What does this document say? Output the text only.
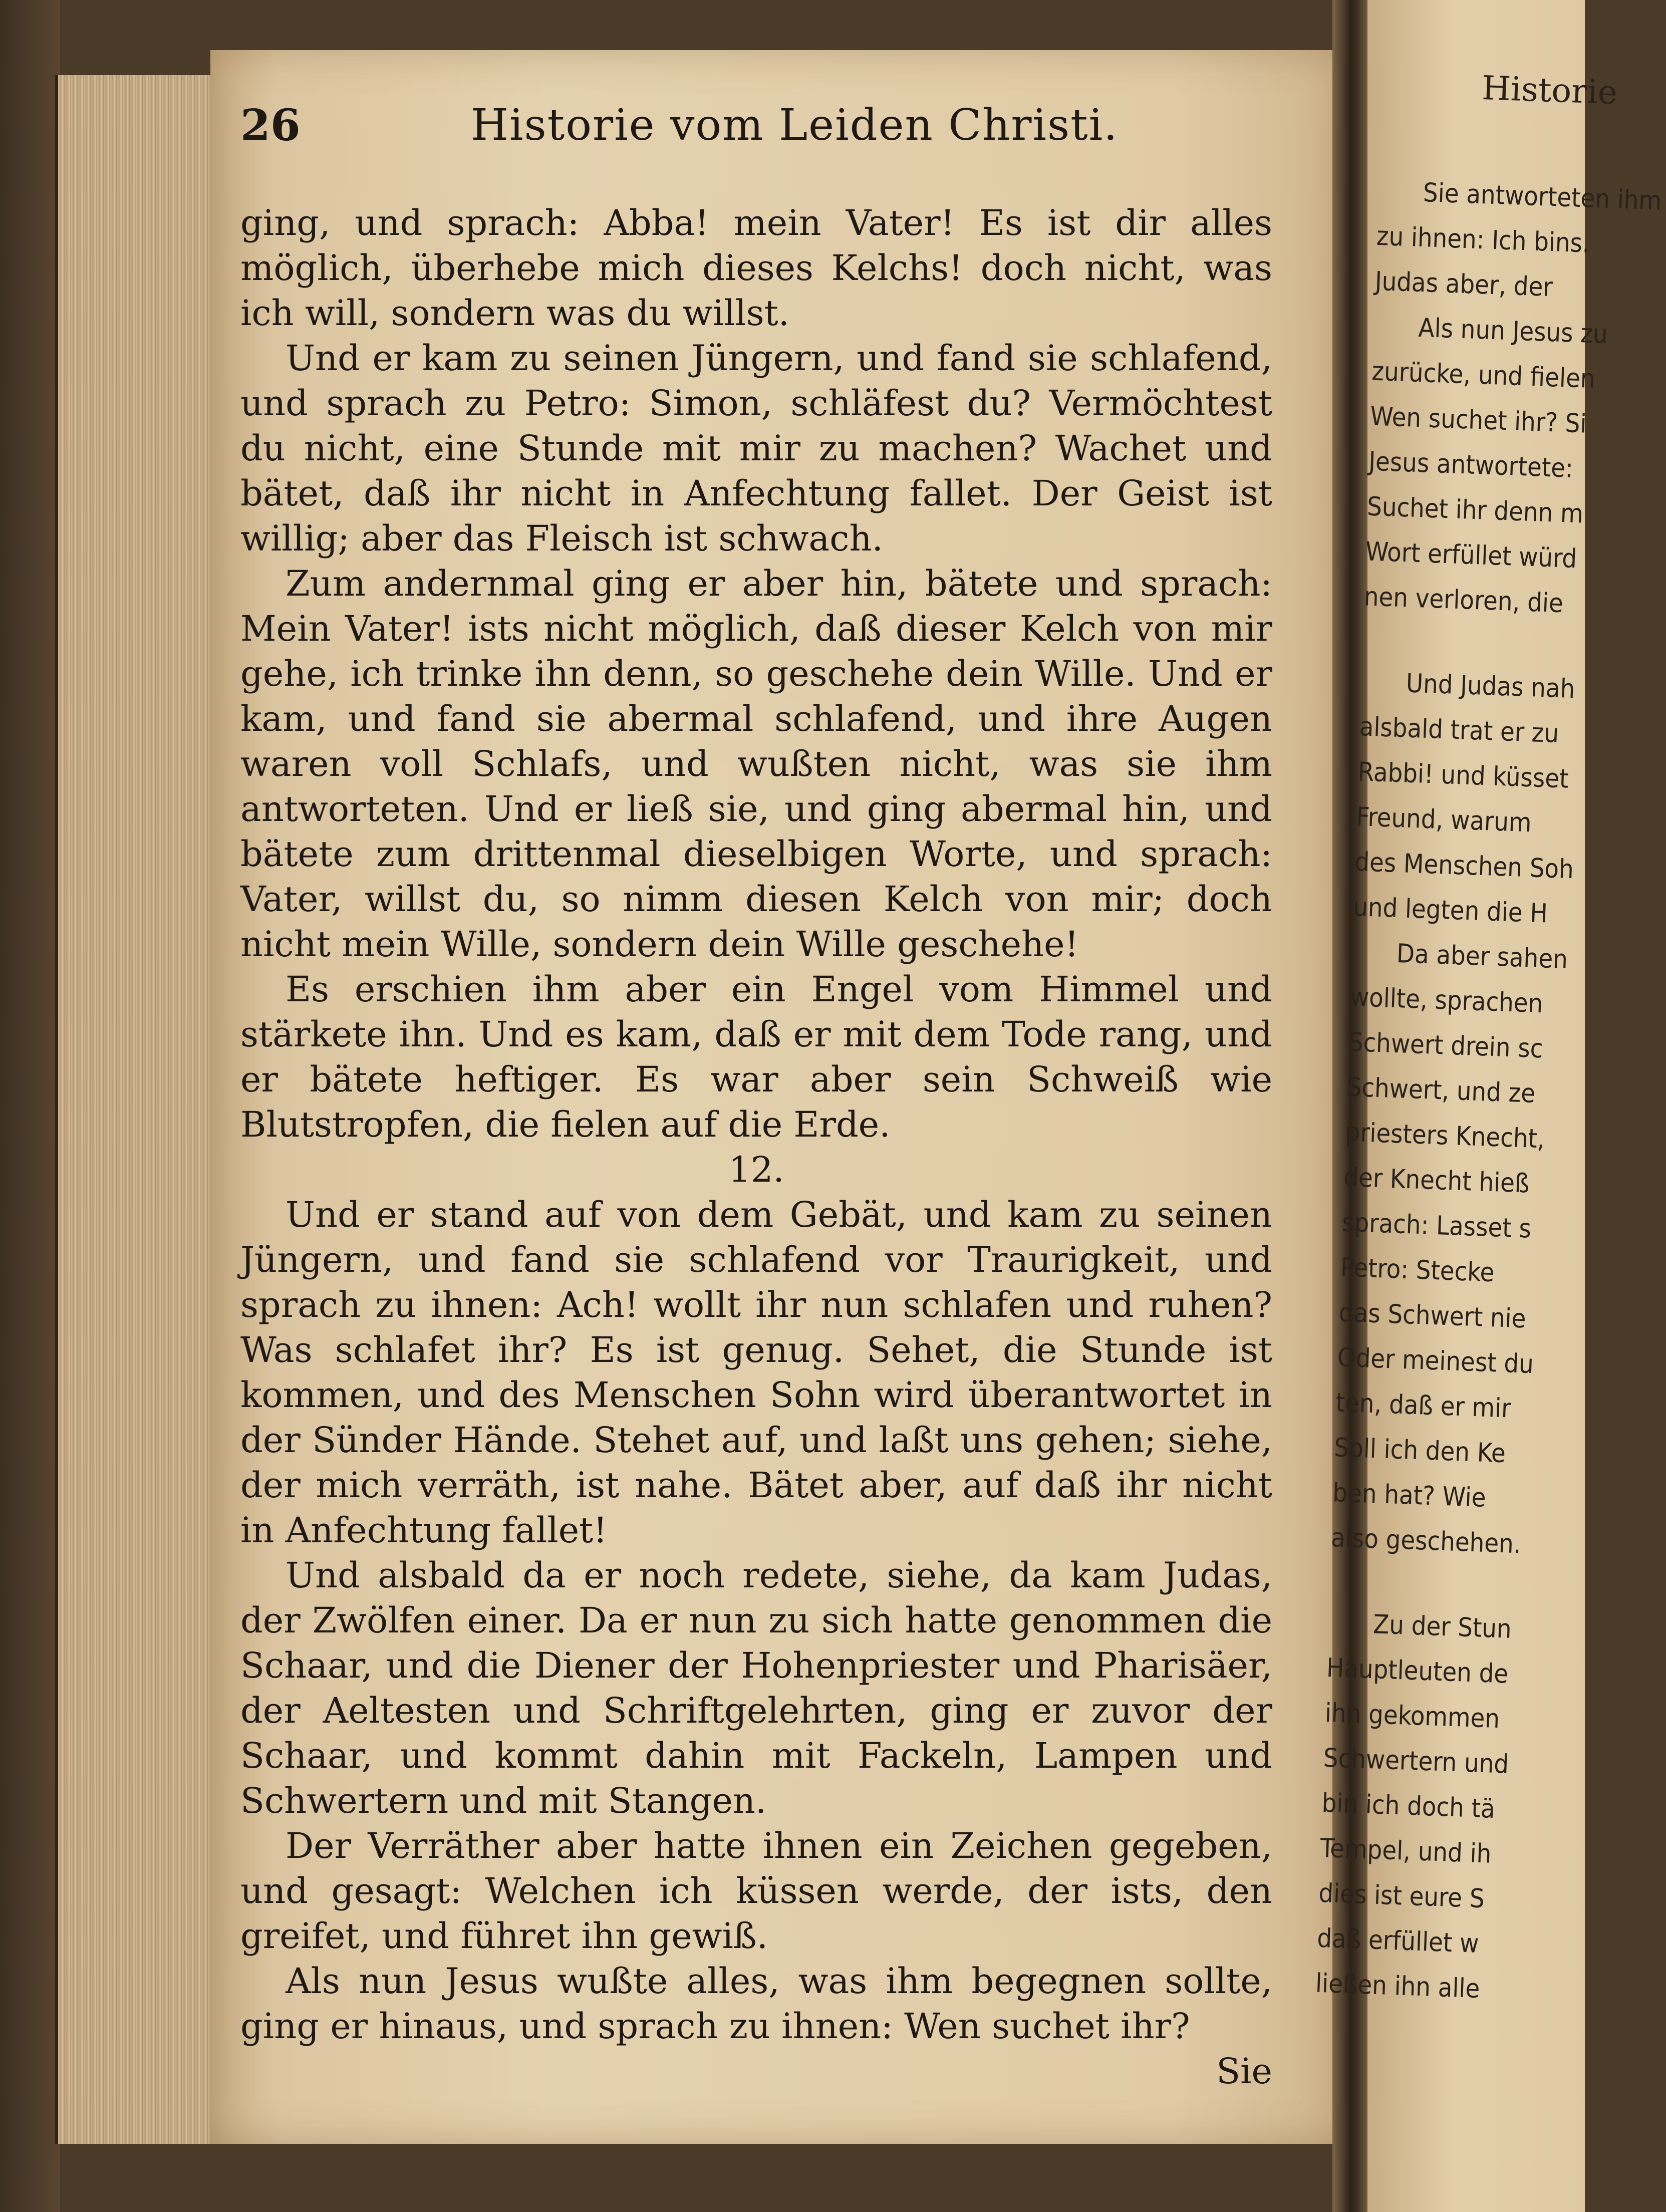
26	Historie vom Leiden Christi.

ging, und sprach: Abba! mein Vater! Es ist dir alles möglich, überhebe mich dieses Kelchs! doch nicht, was ich will, sondern was du willst.

Und er kam zu seinen Jüngern, und fand sie schlafend, und sprach zu Petro: Simon, schläfest du? Vermöchtest du nicht, eine Stunde mit mir zu machen? Wachet und bätet, daß ihr nicht in Anfechtung fallet. Der Geist ist willig; aber das Fleisch ist schwach.

Zum andernmal ging er aber hin, bätete und sprach: Mein Vater! ists nicht möglich, daß dieser Kelch von mir gehe, ich trinke ihn denn, so geschehe dein Wille. Und er kam, und fand sie abermal schlafend, und ihre Augen waren voll Schlafs, und wußten nicht, was sie ihm antworteten. Und er ließ sie, und ging abermal hin, und bätete zum drittenmal dieselbigen Worte, und sprach: Vater, willst du, so nimm diesen Kelch von mir; doch nicht mein Wille, sondern dein Wille geschehe!

Es erschien ihm aber ein Engel vom Himmel und stärkete ihn. Und es kam, daß er mit dem Tode rang, und er bätete heftiger. Es war aber sein Schweiß wie Blutstropfen, die fielen auf die Erde.

12.

Und er stand auf von dem Gebät, und kam zu seinen Jüngern, und fand sie schlafend vor Traurigkeit, und sprach zu ihnen: Ach! wollt ihr nun schlafen und ruhen? Was schlafet ihr? Es ist genug. Sehet, die Stunde ist kommen, und des Menschen Sohn wird überantwortet in der Sünder Hände. Stehet auf, und laßt uns gehen; siehe, der mich verräth, ist nahe. Bätet aber, auf daß ihr nicht in Anfechtung fallet!

Und alsbald da er noch redete, siehe, da kam Judas, der Zwölfen einer. Da er nun zu sich hatte genommen die Schaar, und die Diener der Hohenpriester und Pharisäer, der Aeltesten und Schriftgelehrten, ging er zuvor der Schaar, und kommt dahin mit Fackeln, Lampen und Schwertern und mit Stangen.

Der Verräther aber hatte ihnen ein Zeichen gegeben, und gesagt: Welchen ich küssen werde, der ists, den greifet, und führet ihn gewiß.

Als nun Jesus wußte alles, was ihm begegnen sollte, ging er hinaus, und sprach zu ihnen: Wen suchet ihr?

Sie

Historie

Sie antworteten ihm

zu ihnen: Ich bins.

Judas aber, der

Als nun Jesus zu

zurücke, und fielen

Wen suchet ihr? Si

Jesus antwortete:

Suchet ihr denn m

Wort erfüllet würd

nen verloren, die

Und Judas nah

alsbald trat er zu

Rabbi! und küsset

Freund, warum

des Menschen Soh

und legten die H

Da aber sahen

wollte, sprachen

Schwert drein sc

Schwert, und ze

priesters Knecht,

der Knecht hieß

sprach: Lasset s

Petro: Stecke

das Schwert nie

Oder meinest du

ten, daß er mir

Soll ich den Ke

ben hat? Wie

also geschehen.

Zu der Stun

Hauptleuten de

ihn gekommen

Schwertern und

bin ich doch tä

Tempel, und ih

dies ist eure S

daß erfüllet w

ließen ihn alle
